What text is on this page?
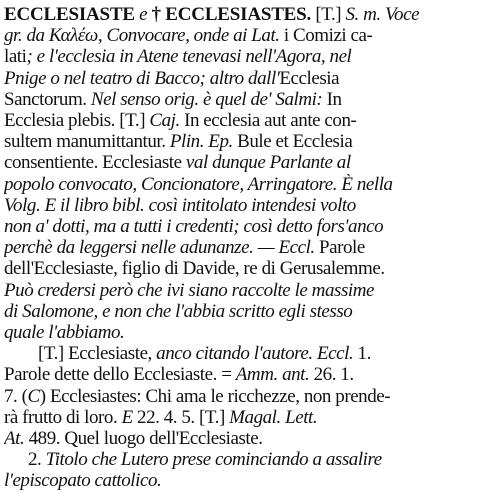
ECCLESIASTE e † ECCLESIASTES. [T.] S. m. Voce
gr. da Καλέω, Convocare, onde ai Lat. i Comizi ca-
lati; e l'ecclesia in Atene tenevasi nell'Agora, nel
Pnige o nel teatro di Bacco; altro dall'Ecclesia
Sanctorum. Nel senso orig. è quel de' Salmi: In
Ecclesia plebis. [T.] Caj. In ecclesia aut ante con-
sultem manumittantur. Plin. Ep. Bule et Ecclesia
consentiente. Ecclesiaste val dunque Parlante al
popolo convocato, Concionatore, Arringatore. È nella
Volg. E il libro bibl. così intitolato intendesi volto
non a' dotti, ma a tutti i credenti; così detto fors'anco
perchè da leggersi nelle adunanze. — Eccl. Parole
dell'Ecclesiaste, figlio di Davide, re di Gerusalemme.
Può credersi però che ivi siano raccolte le massime
di Salomone, e non che l'abbia scritto egli stesso
quale l'abbiamo.
[T.] Ecclesiaste, anco citando l'autore. Eccl. 1.
Parole dette dello Ecclesiaste. = Amm. ant. 26. 1.
7. (C) Ecclesiastes: Chi ama le ricchezze, non prende-
rà frutto di loro. E 22. 4. 5. [T.] Magal. Lett.
At. 489. Quel luogo dell'Ecclesiaste.
2. Titolo che Lutero prese cominciando a assalire
l'episcopato cattolico.
